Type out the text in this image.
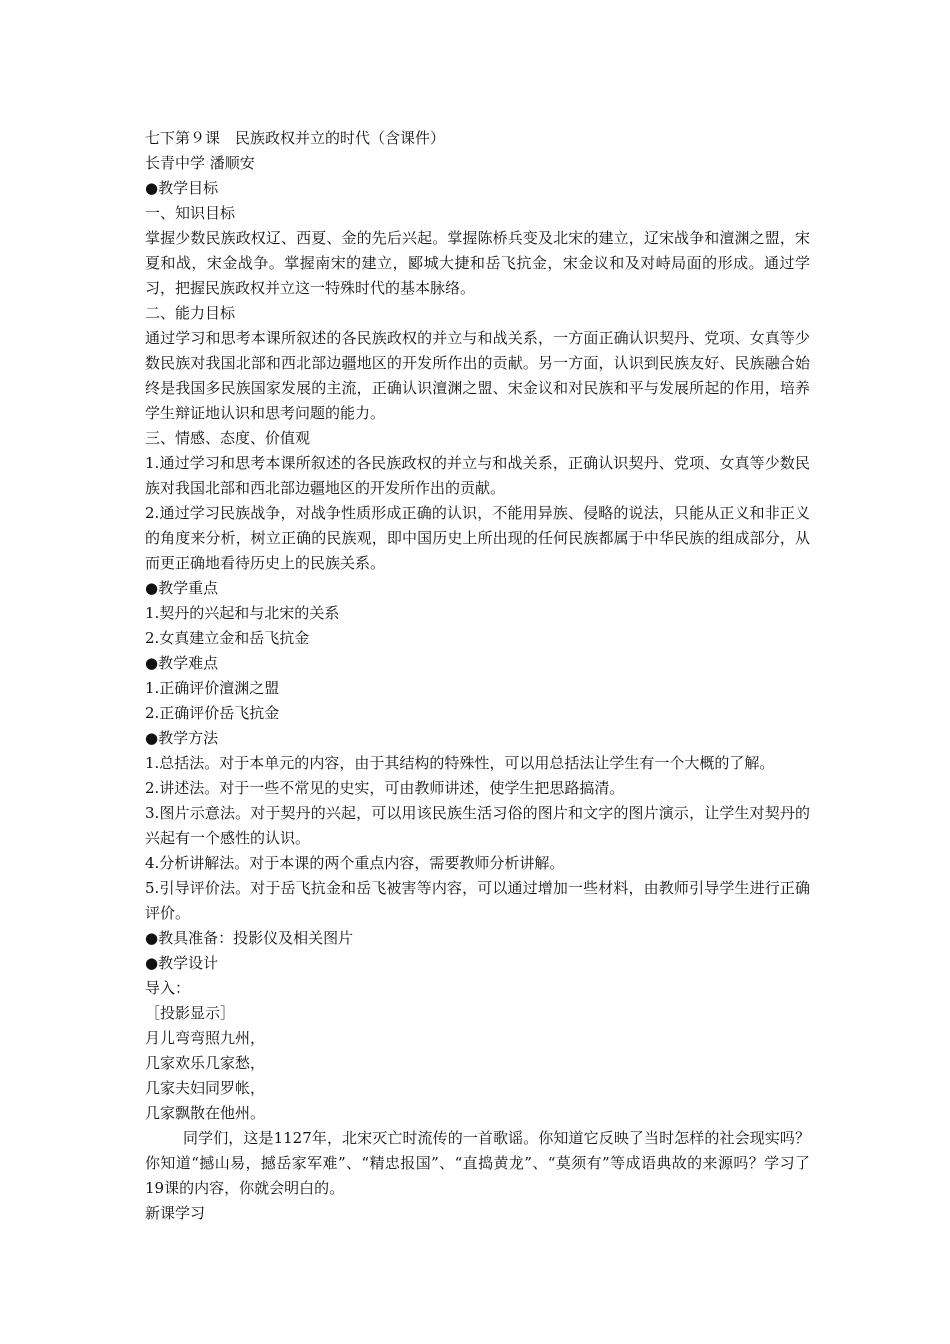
七下第９课　民族政权并立的时代（含课件）
长青中学 潘顺安
●教学目标
一、知识目标
掌握少数民族政权辽、西夏、金的先后兴起。掌握陈桥兵变及北宋的建立，辽宋战争和澶渊之盟，宋夏和战，宋金战争。掌握南宋的建立，郾城大捷和岳飞抗金，宋金议和及对峙局面的形成。通过学习，把握民族政权并立这一特殊时代的基本脉络。
二、能力目标
通过学习和思考本课所叙述的各民族政权的并立与和战关系，一方面正确认识契丹、党项、女真等少数民族对我国北部和西北部边疆地区的开发所作出的贡献。另一方面，认识到民族友好、民族融合始终是我国多民族国家发展的主流，正确认识澶渊之盟、宋金议和对民族和平与发展所起的作用，培养学生辩证地认识和思考问题的能力。
三、情感、态度、价值观
1.通过学习和思考本课所叙述的各民族政权的并立与和战关系，正确认识契丹、党项、女真等少数民族对我国北部和西北部边疆地区的开发所作出的贡献。
2.通过学习民族战争，对战争性质形成正确的认识，不能用异族、侵略的说法，只能从正义和非正义的角度来分析，树立正确的民族观，即中国历史上所出现的任何民族都属于中华民族的组成部分，从而更正确地看待历史上的民族关系。
●教学重点
1.契丹的兴起和与北宋的关系
2.女真建立金和岳飞抗金
●教学难点
1.正确评价澶渊之盟
2.正确评价岳飞抗金
●教学方法
1.总括法。对于本单元的内容，由于其结构的特殊性，可以用总括法让学生有一个大概的了解。
2.讲述法。对于一些不常见的史实，可由教师讲述，使学生把思路搞清。
3.图片示意法。对于契丹的兴起，可以用该民族生活习俗的图片和文字的图片演示，让学生对契丹的兴起有一个感性的认识。
4.分析讲解法。对于本课的两个重点内容，需要教师分析讲解。
5.引导评价法。对于岳飞抗金和岳飞被害等内容，可以通过增加一些材料，由教师引导学生进行正确评价。
●教具准备：投影仪及相关图片
●教学设计
导入：
［投影显示］
月儿弯弯照九州，
几家欢乐几家愁，
几家夫妇同罗帐，
几家飘散在他州。
同学们，这是1127年，北宋灭亡时流传的一首歌谣。你知道它反映了当时怎样的社会现实吗？你知道“撼山易，撼岳家军难”、“精忠报国”、“直捣黄龙”、“莫须有”等成语典故的来源吗？学习了19课的内容，你就会明白的。
新课学习
